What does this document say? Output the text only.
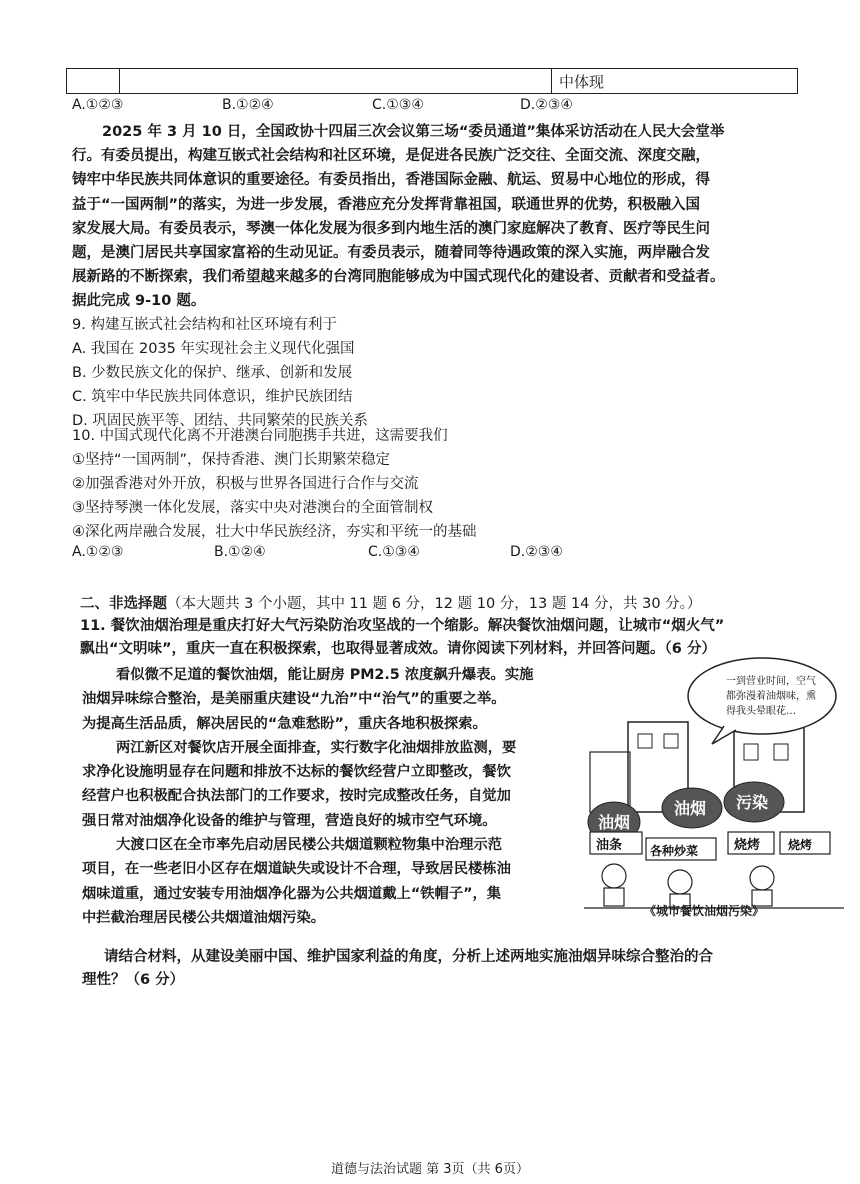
中体现
A.①②③	B.①②④	C.①③④	D.②③④
2025 年 3 月 10 日，全国政协十四届三次会议第三场“委员通道”集体采访活动在人民大会堂举
行。有委员提出，构建互嵌式社会结构和社区环境，是促进各民族广泛交往、全面交流、深度交融，
铸牢中华民族共同体意识的重要途径。有委员指出，香港国际金融、航运、贸易中心地位的形成，得
益于“一国两制”的落实，为进一步发展，香港应充分发挥背靠祖国，联通世界的优势，积极融入国
家发展大局。有委员表示，琴澳一体化发展为很多到内地生活的澳门家庭解决了教育、医疗等民生问
题，是澳门居民共享国家富裕的生动见证。有委员表示，随着同等待遇政策的深入实施，两岸融合发
展新路的不断探索，我们希望越来越多的台湾同胞能够成为中国式现代化的建设者、贡献者和受益者。
据此完成 9-10 题。
9. 构建互嵌式社会结构和社区环境有利于
A. 我国在 2035 年实现社会主义现代化强国
B. 少数民族文化的保护、继承、创新和发展
C. 筑牢中华民族共同体意识，维护民族团结
D. 巩固民族平等、团结、共同繁荣的民族关系
10. 中国式现代化离不开港澳台同胞携手共进，这需要我们
①坚持“一国两制”，保持香港、澳门长期繁荣稳定
②加强香港对外开放，积极与世界各国进行合作与交流
③坚持琴澳一体化发展，落实中央对港澳台的全面管制权
④深化两岸融合发展，壮大中华民族经济，夯实和平统一的基础
A.①②③	B.①②④	C.①③④	D.②③④
二、非选择题（本大题共 3 个小题，其中 11 题 6 分，12 题 10 分，13 题 14 分，共 30 分。）
11. 餐饮油烟治理是重庆打好大气污染防治攻坚战的一个缩影。解决餐饮油烟问题，让城市“烟火气”
飘出“文明味”，重庆一直在积极探索，也取得显著成效。请你阅读下列材料，并回答问题。（6 分）
看似微不足道的餐饮油烟，能让厨房 PM2.5 浓度飙升爆表。实施
油烟异味综合整治，是美丽重庆建设“九治”中“治气”的重要之举。
为提高生活品质，解决居民的“急难愁盼”，重庆各地积极探索。
两江新区对餐饮店开展全面排查，实行数字化油烟排放监测，要
求净化设施明显存在问题和排放不达标的餐饮经营户立即整改，餐饮
经营户也积极配合执法部门的工作要求，按时完成整改任务，自觉加
强日常对油烟净化设备的维护与管理，营造良好的城市空气环境。
大渡口区在全市率先启动居民楼公共烟道颗粒物集中治理示范
项目，在一些老旧小区存在烟道缺失或设计不合理，导致居民楼栋油
烟味道重，通过安装专用油烟净化器为公共烟道戴上“铁帽子”，集
中拦截治理居民楼公共烟道油烟污染。
一到营业时间，空气
都弥漫着油烟味，熏
得我头晕眼花…
油烟
油烟 污染
油条 各种炒菜	烧烤 烧烤
《城市餐饮油烟污染》
请结合材料，从建设美丽中国、维护国家利益的角度，分析上述两地实施油烟异味综合整治的合
理性？（6 分）
道德与法治试题 第 3页（共 6页）
